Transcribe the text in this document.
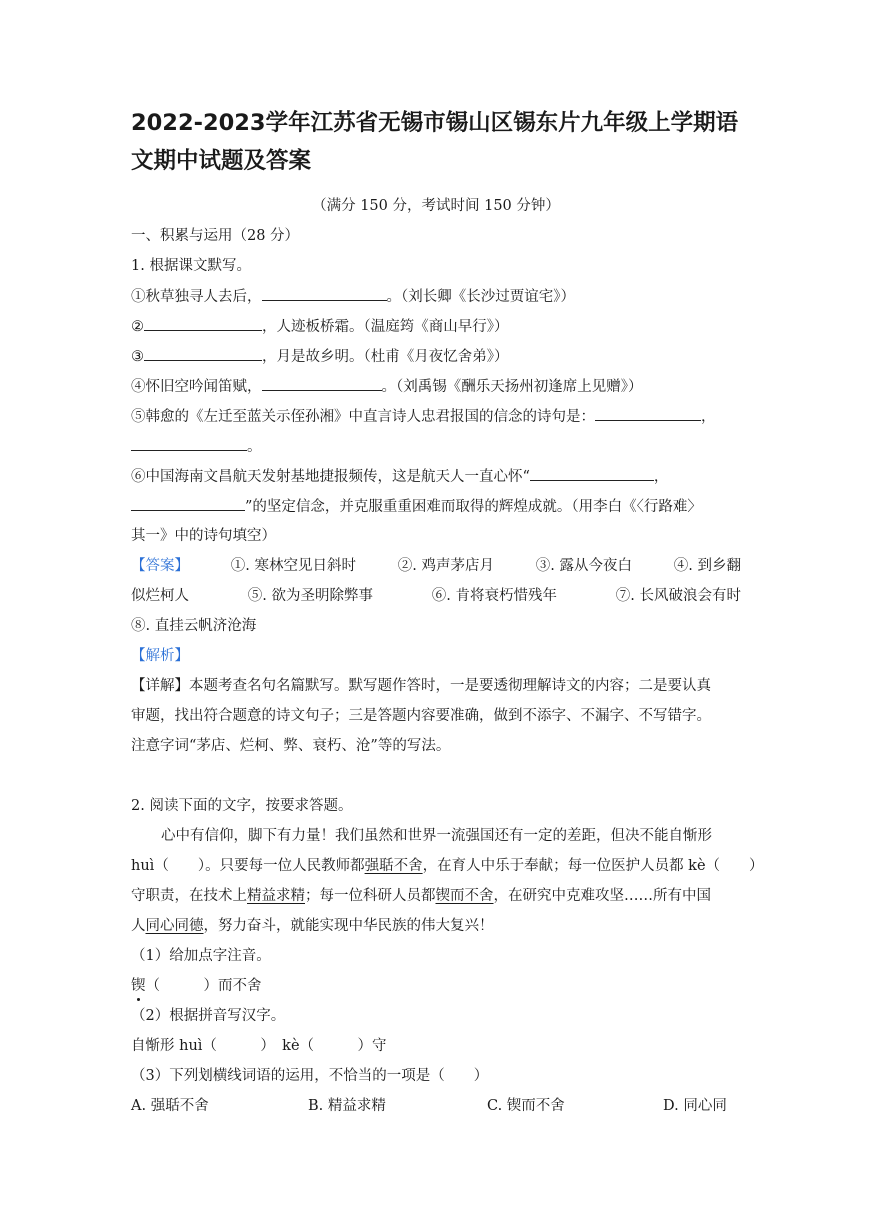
2022-2023学年江苏省无锡市锡山区锡东片九年级上学期语
文期中试题及答案
（满分 150 分，考试时间 150 分钟）
一、积累与运用（28 分）
1. 根据课文默写。
①秋草独寻人去后，	。（刘长卿《长沙过贾谊宅》）
②	，人迹板桥霜。（温庭筠《商山早行》）
③	，月是故乡明。（杜甫《月夜忆舍弟》）
④怀旧空吟闻笛赋，	。（刘禹锡《酬乐天扬州初逢席上见赠》）
⑤韩愈的《左迁至蓝关示侄孙湘》中直言诗人忠君报国的信念的诗句是：	，
。
⑥中国海南文昌航天发射基地捷报频传，这是航天人一直心怀“	，
”的坚定信念，并克服重重困难而取得的辉煌成就。（用李白《〈行路难〉
其一》中的诗句填空）
【答案】	①. 寒林空见日斜时	②. 鸡声茅店月	③. 露从今夜白	④. 到乡翻
似烂柯人	⑤. 欲为圣明除弊事	⑥. 肯将衰朽惜残年	⑦. 长风破浪会有时
⑧. 直挂云帆济沧海
【解析】
【详解】本题考查名句名篇默写。默写题作答时，一是要透彻理解诗文的内容；二是要认真
审题，找出符合题意的诗文句子；三是答题内容要准确，做到不添字、不漏字、不写错字。
注意字词“茅店、烂柯、弊、衰朽、沧”等的写法。
2. 阅读下面的文字，按要求答题。
心中有信仰，脚下有力量！我们虽然和世界一流强国还有一定的差距，但决不能自惭形
huì（　　）。只要每一位人民教师都强聒不舍，在育人中乐于奉献；每一位医护人员都 kè（　　）
守职责，在技术上精益求精；每一位科研人员都锲而不舍，在研究中克难攻坚……所有中国
人同心同德，努力奋斗，就能实现中华民族的伟大复兴！
（1）给加点字注音。
锲（　　　）而不舍
（2）根据拼音写汉字。
自惭形 huì（　　　）　kè（　　　）守
（3）下列划横线词语的运用，不恰当的一项是（　　）
A. 强聒不舍	B. 精益求精	C. 锲而不舍	D. 同心同
